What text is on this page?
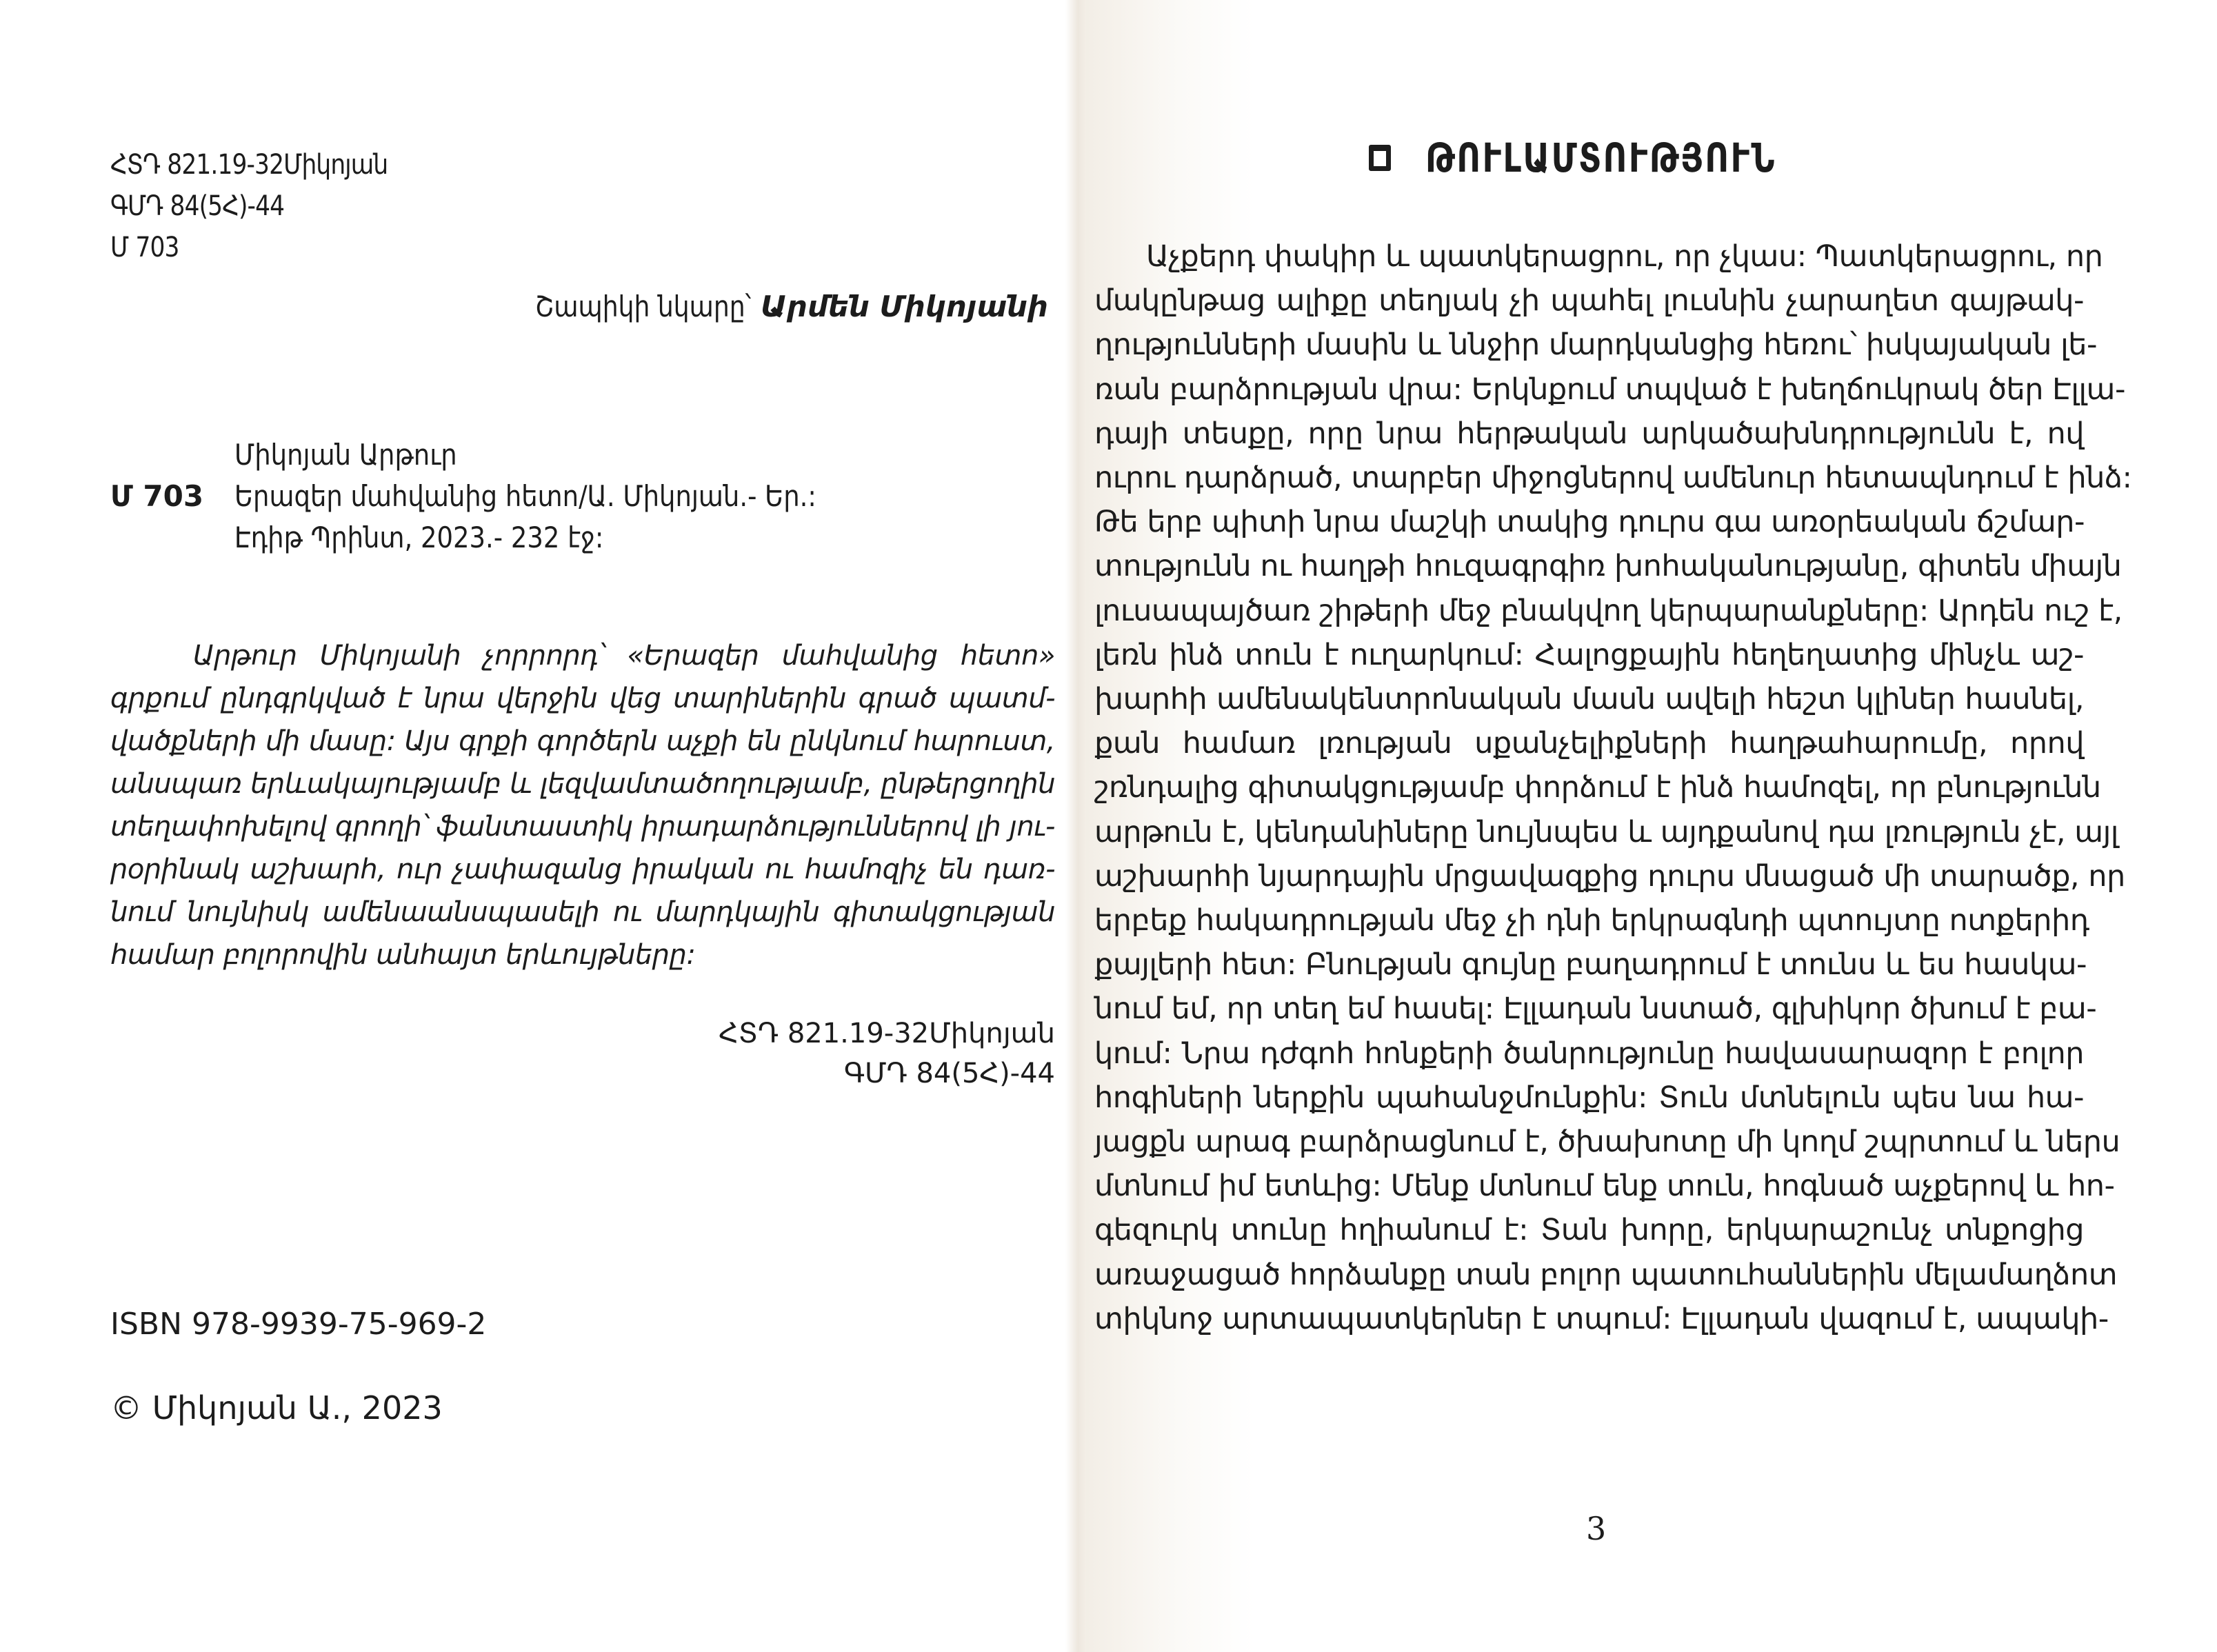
ՀՏԴ 821.19-32Միկոյան
ԳՄԴ 84(5Հ)-44
Մ 703
Շապիկի նկարը՝ Արմեն Միկոյանի
Մ 703
Միկոյան Արթուր
Երազեր մահվանից հետո/Ա. Միկոյան.- Եր.:
Էդիթ Պրինտ, 2023.- 232 էջ:
Արթուր Միկոյանի չորրորդ՝ «Երազեր մահվանից հետո»
գրքում ընդգրկված է նրա վերջին վեց տարիներին գրած պատմ-
վածքների մի մասը: Այս գրքի գործերն աչքի են ընկնում հարուստ,
անսպառ երևակայությամբ և լեզվամտածողությամբ, ընթերցողին
տեղափոխելով գրողի՝ ֆանտաստիկ իրադարձություններով լի յու-
րօրինակ աշխարհ, ուր չափազանց իրական ու համոզիչ են դառ-
նում նույնիսկ ամենաանսպասելի ու մարդկային գիտակցության
համար բոլորովին անհայտ երևույթները:
ՀՏԴ 821.19-32Միկոյան
ԳՄԴ 84(5Հ)-44
ISBN 978-9939-75-969-2
© Միկոյան Ա., 2023
ԹՈՒԼԱՄՏՈՒԹՅՈՒՆ
Աչքերդ փակիր և պատկերացրու, որ չկաս: Պատկերացրու, որ
մակընթաց ալիքը տեղյակ չի պահել լուսնին չարաղետ գայթակ-
ղությունների մասին և ննջիր մարդկանցից հեռու՝ իսկայական լե-
ռան բարձրության վրա: Երկնքում տպված է խեղճուկրակ ծեր Էլլա-
դայի տեսքը, որը նրա հերթական արկածախնդրությունն է, ով
ուրու դարձրած, տարբեր միջոցներով ամենուր հետապնդում է ինձ:
Թե երբ պիտի նրա մաշկի տակից դուրս գա առօրեական ճշմար-
տությունն ու հաղթի հուզագրգիռ խոհականությանը, գիտեն միայն
լուսապայծառ շիթերի մեջ բնակվող կերպարանքները: Արդեն ուշ է,
լեռն ինձ տուն է ուղարկում: Հալոցքային հեղեղատից մինչև աշ-
խարհի ամենակենտրոնական մասն ավելի հեշտ կլիներ հասնել,
քան համառ լռության սքանչելիքների հաղթահարումը, որով
շռնդալից գիտակցությամբ փորձում է ինձ համոզել, որ բնությունն
արթուն է, կենդանիները նույնպես և այդքանով դա լռություն չէ, այլ
աշխարհի նյարդային մրցավազքից դուրս մնացած մի տարածք, որ
երբեք հակադրության մեջ չի դնի երկրագնդի պտույտը ոտքերիդ
քայլերի հետ: Բնության գույնը բաղադրում է տունս և ես հասկա-
նում եմ, որ տեղ եմ հասել: Էլլադան նստած, գլխիկոր ծխում է բա-
կում: Նրա դժգոհ հոնքերի ծանրությունը հավասարազոր է բոլոր
հոգիների ներքին պահանջմունքին: Տուն մտնելուն պես նա հա-
յացքն արագ բարձրացնում է, ծխախոտը մի կողմ շպրտում և ներս
մտնում իմ ետևից: Մենք մտնում ենք տուն, հոգնած աչքերով և հո-
գեզուրկ տունը հղիանում է: Տան խորը, երկարաշունչ տնքոցից
առաջացած հորձանքը տան բոլոր պատուհաններին մելամաղձոտ
տիկնոջ արտապատկերներ է տպում: Էլլադան վազում է, ապակի-
3
